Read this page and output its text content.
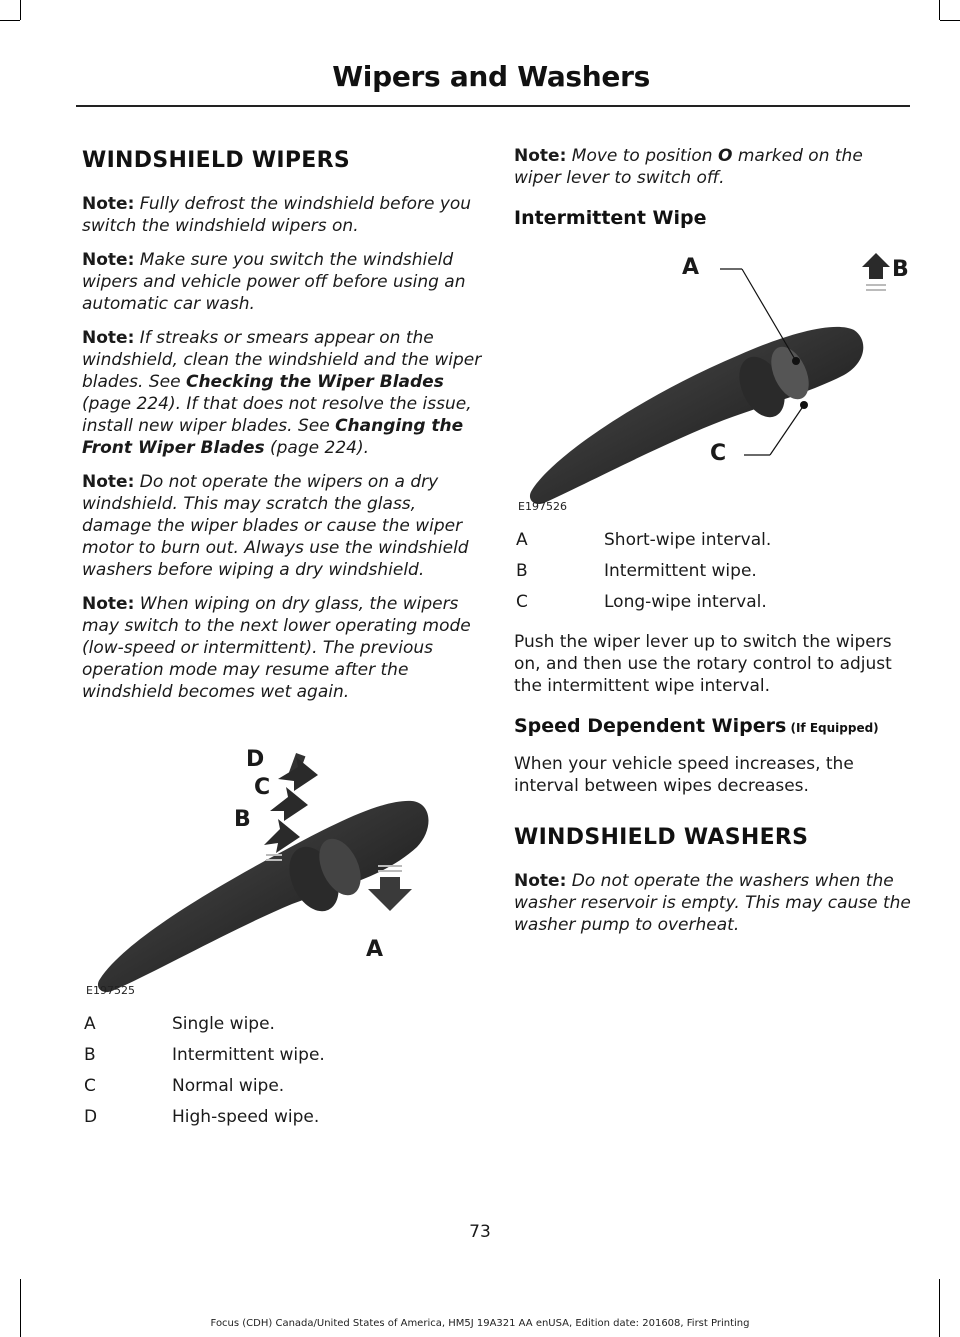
Wipers and Washers
WINDSHIELD WIPERS

Note: Fully defrost the windshield before you switch the windshield wipers on.

Note: Make sure you switch the windshield wipers and vehicle power off before using an automatic car wash.

Note: If streaks or smears appear on the windshield, clean the windshield and the wiper blades. See Checking the Wiper Blades (page 224). If that does not resolve the issue, install new wiper blades. See Changing the Front Wiper Blades (page 224).

Note: Do not operate the wipers on a dry windshield. This may scratch the glass, damage the wiper blades or cause the wiper motor to burn out. Always use the windshield washers before wiping a dry windshield.

Note: When wiping on dry glass, the wipers may switch to the next lower operating mode (low-speed or intermittent). The previous operation mode may resume after the windshield becomes wet again.

D
C
B
A
E197525
A	Single wipe.
B	Intermittent wipe.
C	Normal wipe.
D	High-speed wipe.

Note: Move to position O marked on the wiper lever to switch off.

Intermittent Wipe
A	B
C
E197526
A	Short-wipe interval.
B	Intermittent wipe.
C	Long-wipe interval.

Push the wiper lever up to switch the wipers on, and then use the rotary control to adjust the intermittent wipe interval.

Speed Dependent Wipers (If Equipped)

When your vehicle speed increases, the interval between wipes decreases.

WINDSHIELD WASHERS

Note: Do not operate the washers when the washer reservoir is empty. This may cause the washer pump to overheat.

73
Focus (CDH) Canada/United States of America, HM5J 19A321 AA enUSA, Edition date: 201608, First Printing
